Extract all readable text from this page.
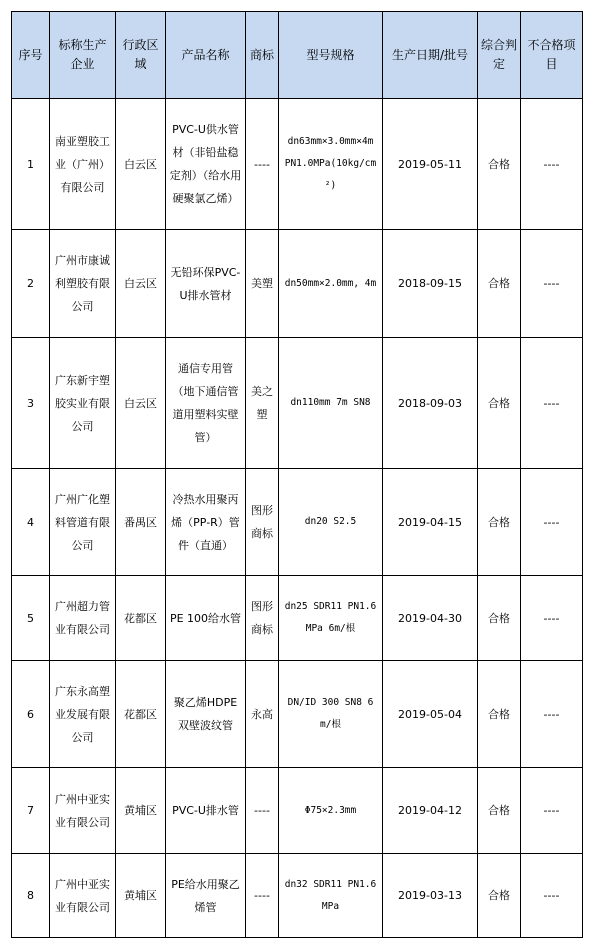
序号	标称生产企业	行政区域	产品名称	商标	型号规格	生产日期/批号	综合判定	不合格项目
1	南亚塑胶工业（广州）有限公司	白云区	PVC-U供水管材（非铅盐稳定剂）（给水用硬聚氯乙烯）	----	dn63mm×3.0mm×4m PN1.0MPa(10kg/cm²)	2019-05-11	合格	----
2	广州市康诚利塑胶有限公司	白云区	无铅环保PVC-U排水管材	美塑	dn50mm×2.0mm, 4m	2018-09-15	合格	----
3	广东新宇塑胶实业有限公司	白云区	通信专用管（地下通信管道用塑料实壁管）	美之塑	dn110mm 7m SN8	2018-09-03	合格	----
4	广州广化塑料管道有限公司	番禺区	冷热水用聚丙烯（PP-R）管件（直通）	图形商标	dn20 S2.5	2019-04-15	合格	----
5	广州超力管业有限公司	花都区	PE 100给水管	图形商标	dn25 SDR11 PN1.6MPa 6m/根	2019-04-30	合格	----
6	广东永高塑业发展有限公司	花都区	聚乙烯HDPE双壁波纹管	永高	DN/ID 300 SN8 6m/根	2019-05-04	合格	----
7	广州中亚实业有限公司	黄埔区	PVC-U排水管	----	Φ75×2.3mm	2019-04-12	合格	----
8	广州中亚实业有限公司	黄埔区	PE给水用聚乙烯管	----	dn32 SDR11 PN1.6MPa	2019-03-13	合格	----
